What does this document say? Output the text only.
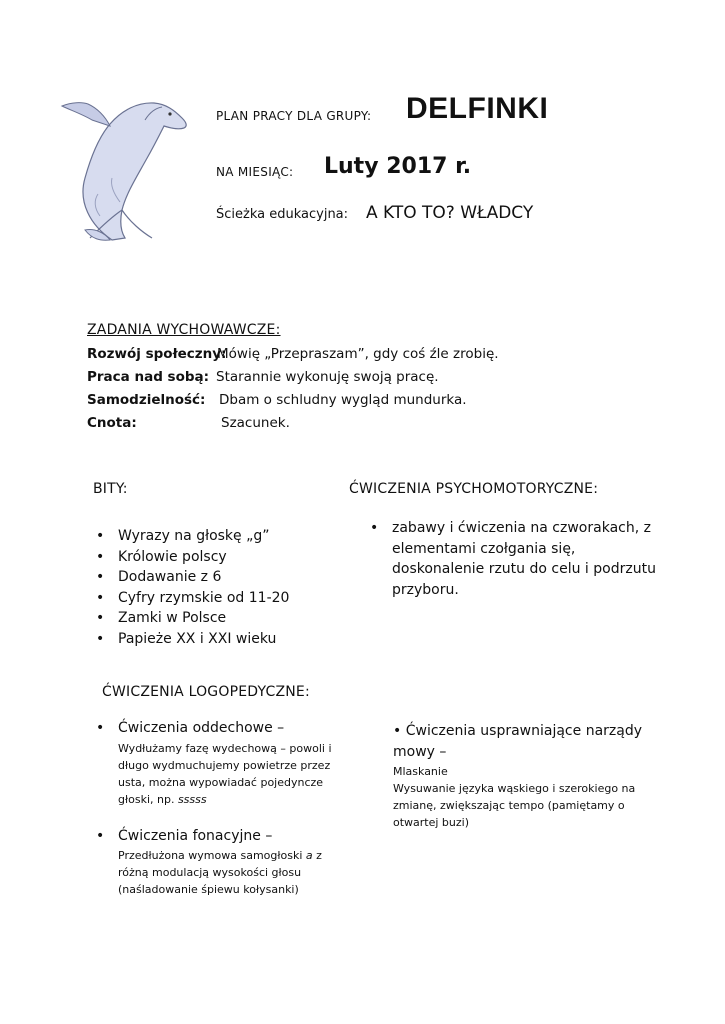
PLAN PRACY DLA GRUPY: DELFINKI
NA MIESIĄC: Luty 2017 r.
Ścieżka edukacyjna: A KTO TO? WŁADCY
ZADANIA WYCHOWAWCZE:
Rozwój społeczny:
Mówię „Przepraszam”, gdy coś źle zrobię.
Praca nad sobą: Starannie wykonuję swoją pracę.
Samodzielność: Dbam o schludny wygląd mundurka.
Cnota:	Szacunek.
BITY:
• Wyrazy na głoskę „g”
• Królowie polscy
• Dodawanie z 6
• Cyfry rzymskie od 11-20
• Zamki w Polsce
• Papieże XX i XXI wieku
ĆWICZENIA PSYCHOMOTORYCZNE:
• zabawy i ćwiczenia na czworakach, z elementami czołgania się, doskonalenie rzutu do celu i podrzutu przyboru.
ĆWICZENIA LOGOPEDYCZNE:
• Ćwiczenia oddechowe –
Wydłużamy fazę wydechową – powoli i długo wydmuchujemy powietrze przez usta, można wypowiadać pojedyncze głoski, np. sssss
• Ćwiczenia fonacyjne –
Przedłużona wymowa samogłoski a z różną modulacją wysokości głosu (naśladowanie śpiewu kołysanki)
• Ćwiczenia usprawniające narządy mowy –
Mlaskanie
Wysuwanie języka wąskiego i szerokiego na zmianę, zwiększając tempo (pamiętamy o otwartej buzi)
